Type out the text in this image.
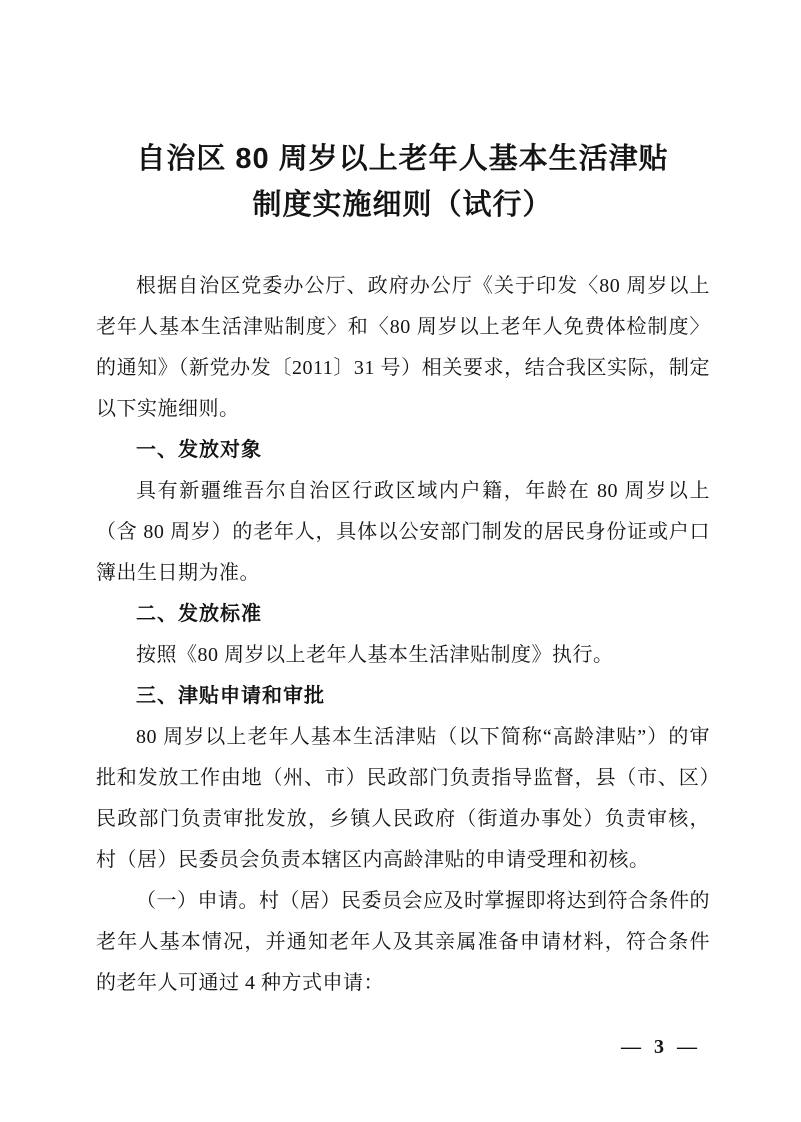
自治区 80 周岁以上老年人基本生活津贴
制度实施细则（试行）

根据自治区党委办公厅、政府办公厅《关于印发〈80 周岁以上老年人基本生活津贴制度〉和〈80 周岁以上老年人免费体检制度〉的通知》（新党办发〔2011〕31 号）相关要求，结合我区实际，制定以下实施细则。

一、发放对象

具有新疆维吾尔自治区行政区域内户籍，年龄在 80 周岁以上（含 80 周岁）的老年人，具体以公安部门制发的居民身份证或户口簿出生日期为准。

二、发放标准

按照《80 周岁以上老年人基本生活津贴制度》执行。

三、津贴申请和审批

80 周岁以上老年人基本生活津贴（以下简称“高龄津贴”）的审批和发放工作由地（州、市）民政部门负责指导监督，县（市、区）民政部门负责审批发放，乡镇人民政府（街道办事处）负责审核，村（居）民委员会负责本辖区内高龄津贴的申请受理和初核。

（一）申请。村（居）民委员会应及时掌握即将达到符合条件的老年人基本情况，并通知老年人及其亲属准备申请材料，符合条件的老年人可通过 4 种方式申请：

— 3 —
